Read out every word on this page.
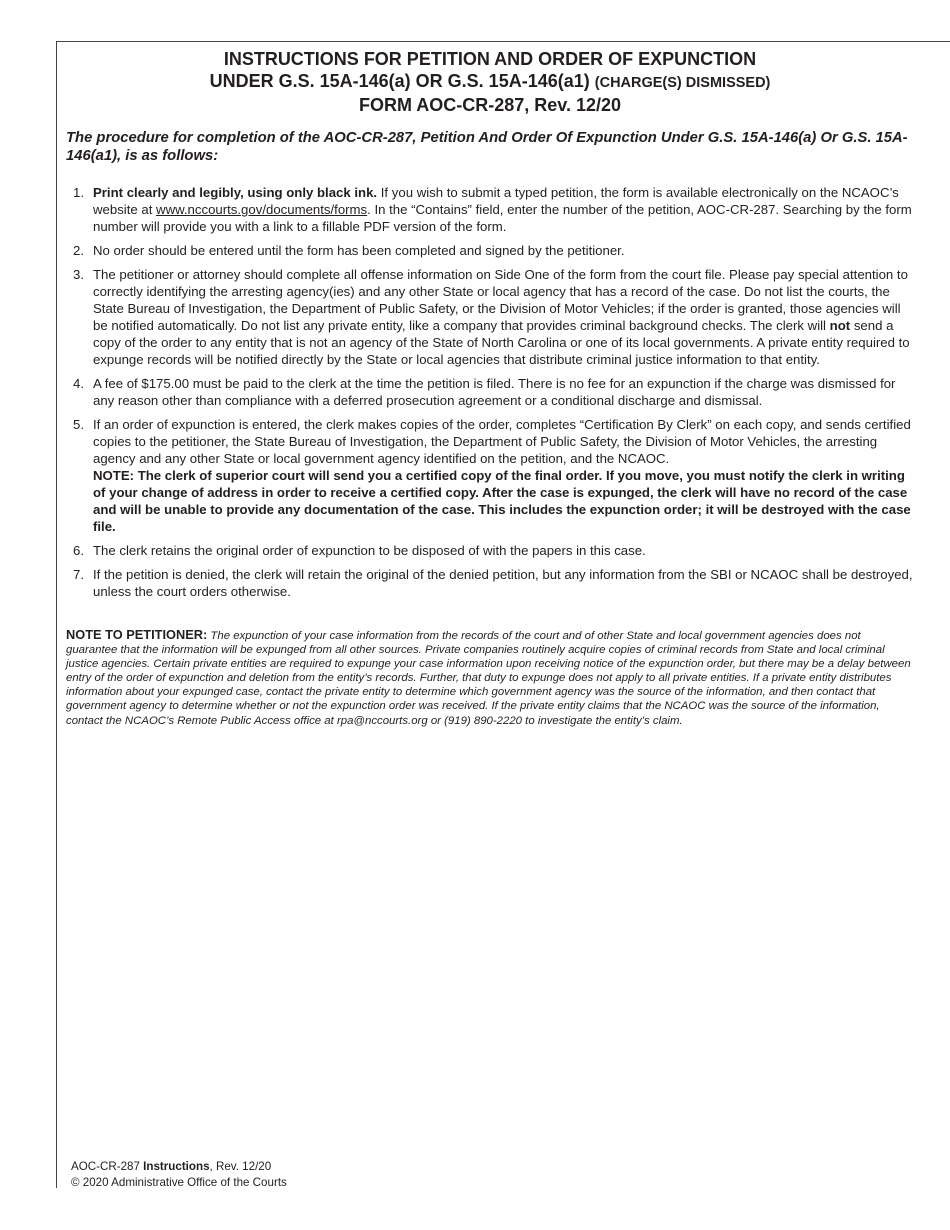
INSTRUCTIONS FOR PETITION AND ORDER OF EXPUNCTION
UNDER G.S. 15A-146(a) OR G.S. 15A-146(a1) (CHARGE(S) DISMISSED)
FORM AOC-CR-287, Rev. 12/20
The procedure for completion of the AOC-CR-287, Petition And Order Of Expunction Under G.S. 15A-146(a) Or G.S. 15A-146(a1), is as follows:
1. Print clearly and legibly, using only black ink. If you wish to submit a typed petition, the form is available electronically on the NCAOC’s website at www.nccourts.gov/documents/forms. In the “Contains” field, enter the number of the petition, AOC-CR-287. Searching by the form number will provide you with a link to a fillable PDF version of the form.
2. No order should be entered until the form has been completed and signed by the petitioner.
3. The petitioner or attorney should complete all offense information on Side One of the form from the court file. Please pay special attention to correctly identifying the arresting agency(ies) and any other State or local agency that has a record of the case. Do not list the courts, the State Bureau of Investigation, the Department of Public Safety, or the Division of Motor Vehicles; if the order is granted, those agencies will be notified automatically. Do not list any private entity, like a company that provides criminal background checks. The clerk will not send a copy of the order to any entity that is not an agency of the State of North Carolina or one of its local governments. A private entity required to expunge records will be notified directly by the State or local agencies that distribute criminal justice information to that entity.
4. A fee of $175.00 must be paid to the clerk at the time the petition is filed. There is no fee for an expunction if the charge was dismissed for any reason other than compliance with a deferred prosecution agreement or a conditional discharge and dismissal.
5. If an order of expunction is entered, the clerk makes copies of the order, completes “Certification By Clerk” on each copy, and sends certified copies to the petitioner, the State Bureau of Investigation, the Department of Public Safety, the Division of Motor Vehicles, the arresting agency and any other State or local government agency identified on the petition, and the NCAOC.
NOTE: The clerk of superior court will send you a certified copy of the final order. If you move, you must notify the clerk in writing of your change of address in order to receive a certified copy. After the case is expunged, the clerk will have no record of the case and will be unable to provide any documentation of the case. This includes the expunction order; it will be destroyed with the case file.
6. The clerk retains the original order of expunction to be disposed of with the papers in this case.
7. If the petition is denied, the clerk will retain the original of the denied petition, but any information from the SBI or NCAOC shall be destroyed, unless the court orders otherwise.
NOTE TO PETITIONER: The expunction of your case information from the records of the court and of other State and local government agencies does not guarantee that the information will be expunged from all other sources. Private companies routinely acquire copies of criminal records from State and local criminal justice agencies. Certain private entities are required to expunge your case information upon receiving notice of the expunction order, but there may be a delay between entry of the order of expunction and deletion from the entity’s records. Further, that duty to expunge does not apply to all private entities. If a private entity distributes information about your expunged case, contact the private entity to determine which government agency was the source of the information, and then contact that government agency to determine whether or not the expunction order was received. If the private entity claims that the NCAOC was the source of the information, contact the NCAOC’s Remote Public Access office at rpa@nccourts.org or (919) 890-2220 to investigate the entity’s claim.
AOC-CR-287 Instructions, Rev. 12/20
© 2020 Administrative Office of the Courts
